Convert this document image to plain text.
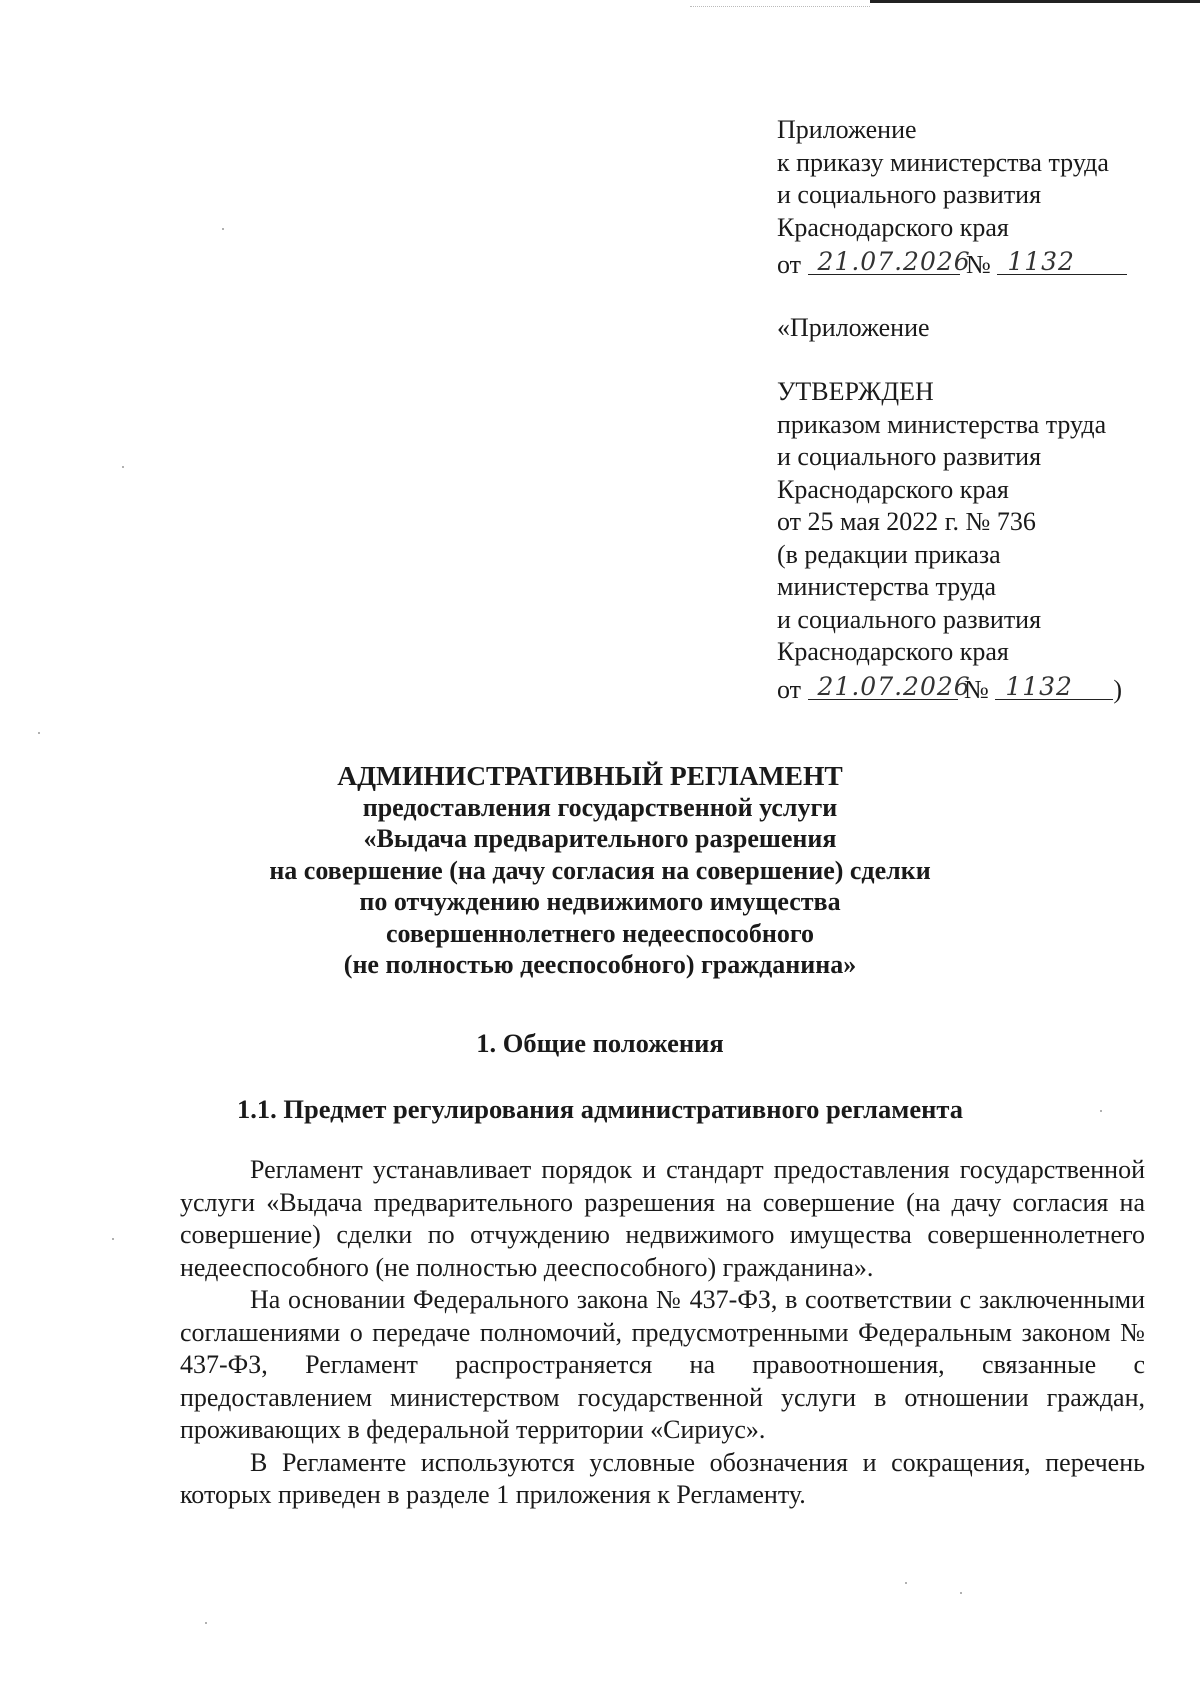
Приложение
к приказу министерства труда
и социального развития
Краснодарского края
от 21.07.2026
№ 1132
«Приложение
УТВЕРЖДЕН
приказом министерства труда
и социального развития
Краснодарского края
от 25 мая 2022 г. № 736
(в редакции приказа
министерства труда
и социального развития
Краснодарского края
от 21.07.2026
№ 1132 )
АДМИНИСТРАТИВНЫЙ РЕГЛАМЕНТ
предоставления государственной услуги
«Выдача предварительного разрешения
на совершение (на дачу согласия на совершение) сделки
по отчуждению недвижимого имущества
совершеннолетнего недееспособного
(не полностью дееспособного) гражданина»
1. Общие положения
1.1. Предмет регулирования административного регламента

Регламент устанавливает порядок и стандарт предоставления государственной услуги «Выдача предварительного разрешения на совершение (на дачу согласия на совершение) сделки по отчуждению недвижимого имущества совершеннолетнего недееспособного (не полностью дееспособного) гражданина».

На основании Федерального закона № 437-ФЗ, в соответствии с заключенными соглашениями о передаче полномочий, предусмотренными Федеральным законом № 437-ФЗ, Регламент распространяется на правоотношения, связанные с предоставлением министерством государственной услуги в отношении граждан, проживающих в федеральной территории «Сириус».

В Регламенте используются условные обозначения и сокращения, перечень которых приведен в разделе 1 приложения к Регламенту.
